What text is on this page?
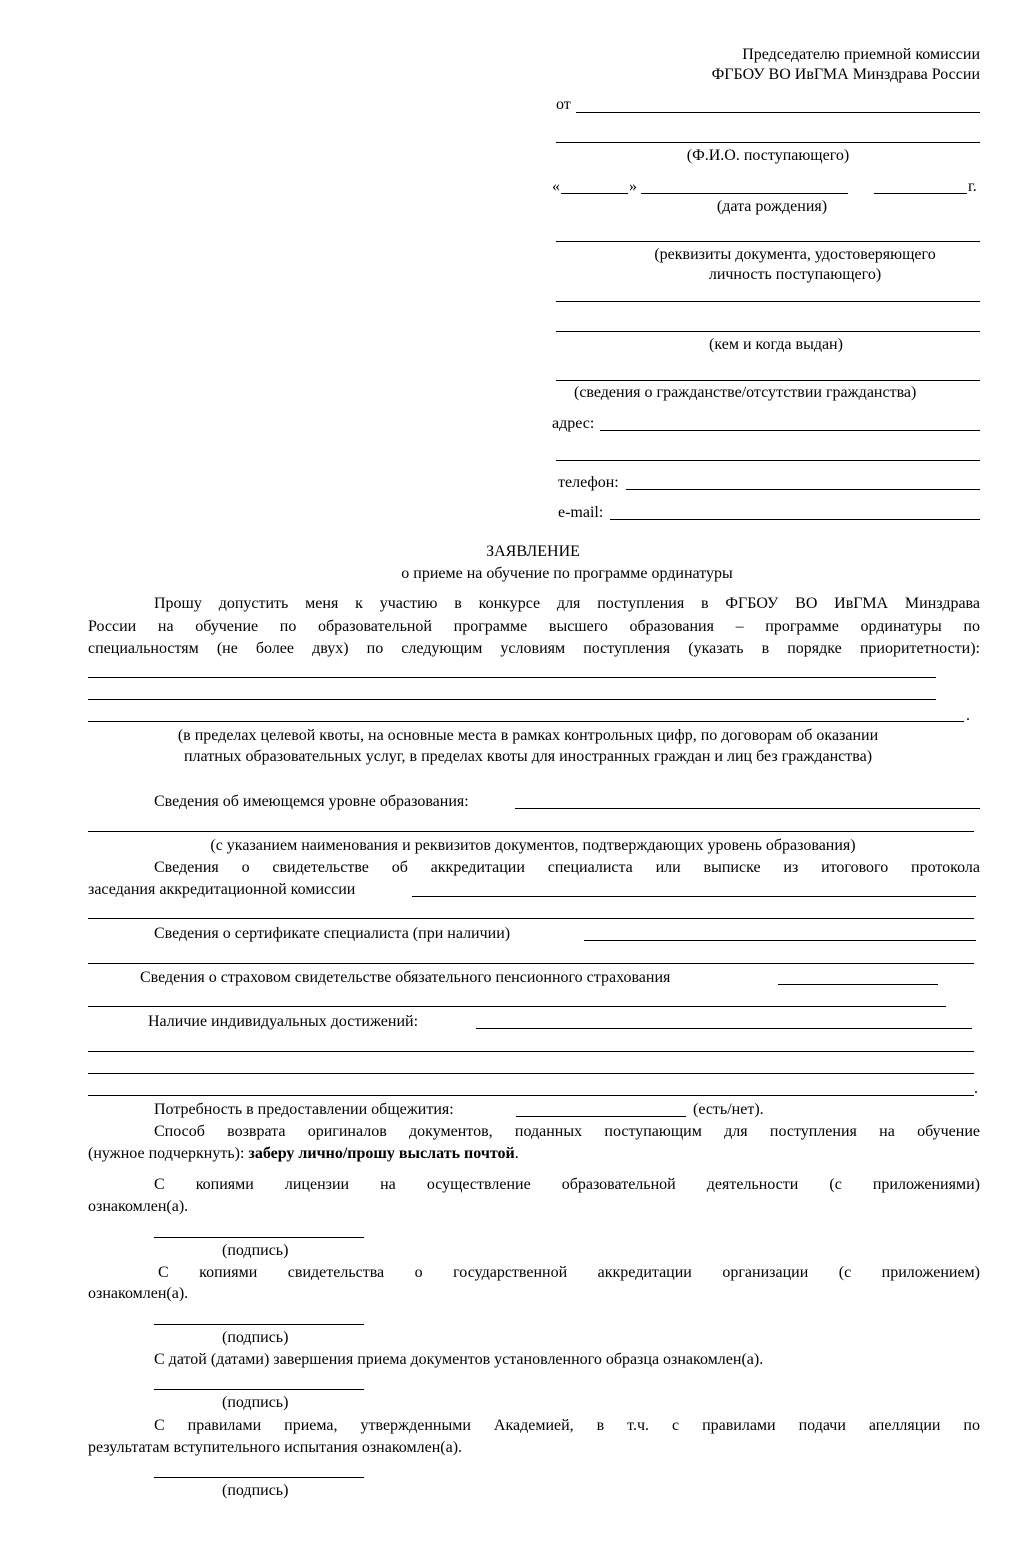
Председателю приемной комиссии
ФГБОУ ВО ИвГМА Минздрава России
от
(Ф.И.О. поступающего)
«	»	г.
(дата рождения)
(реквизиты документа, удостоверяющего
личность поступающего)
(кем и когда выдан)
(сведения о гражданстве/отсутствии гражданства)
адрес:
телефон:
e-mail:
ЗАЯВЛЕНИЕ
о приеме на обучение по программе ординатуры
Прошу допустить меня к участию в конкурсе для поступления в ФГБОУ ВО ИвГМА Минздрава
России на обучение по образовательной программе высшего образования – программе ординатуры по
специальностям (не более двух) по следующим условиям поступления (указать в порядке приоритетности):
.
(в пределах целевой квоты, на основные места в рамках контрольных цифр, по договорам об оказании
платных образовательных услуг, в пределах квоты для иностранных граждан и лиц без гражданства)
Сведения об имеющемся уровне образования:
(с указанием наименования и реквизитов документов, подтверждающих уровень образования)
Сведения о свидетельстве об аккредитации специалиста или выписке из итогового протокола
заседания аккредитационной комиссии
Сведения о сертификате специалиста (при наличии)
Сведения о страховом свидетельстве обязательного пенсионного страхования
Наличие индивидуальных достижений:
.
Потребность в предоставлении общежития:	(есть/нет).
Способ возврата оригиналов документов, поданных поступающим для поступления на обучение
(нужное подчеркнуть): заберу лично/прошу выслать почтой.
С копиями лицензии на осуществление образовательной деятельности (с приложениями)
ознакомлен(а).
(подпись)
С копиями свидетельства о государственной аккредитации организации (с приложением)
ознакомлен(а).
(подпись)
С датой (датами) завершения приема документов установленного образца ознакомлен(а).
(подпись)
С правилами приема, утвержденными Академией, в т.ч. с правилами подачи апелляции по
результатам вступительного испытания ознакомлен(а).
(подпись)
